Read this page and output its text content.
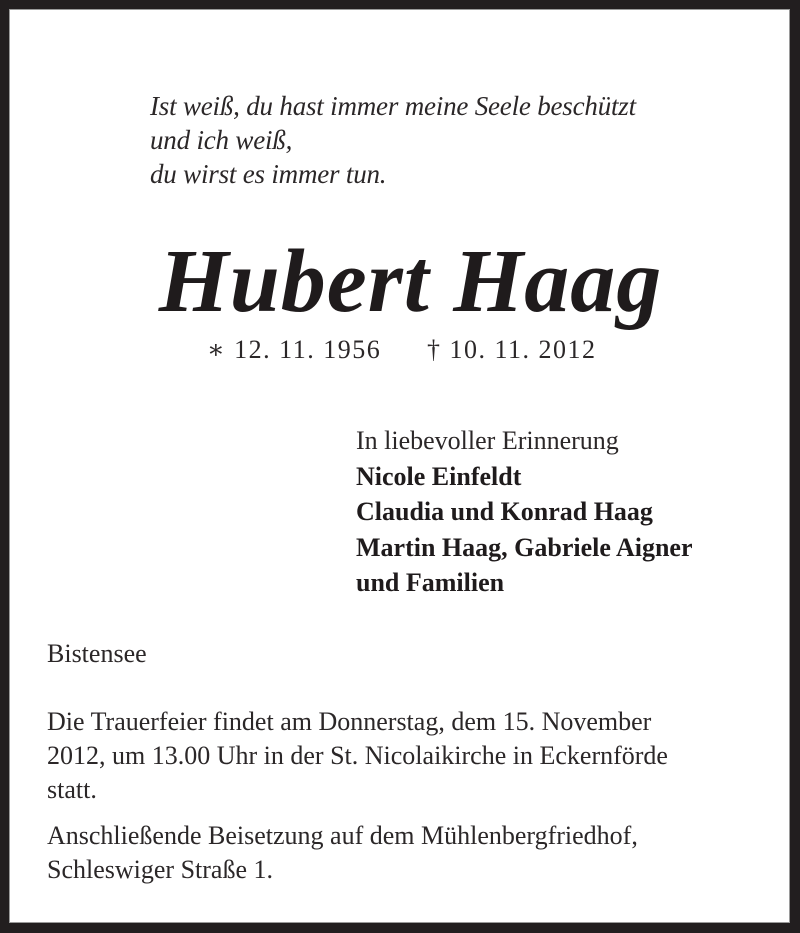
Ist weiß, du hast immer meine Seele beschützt
und ich weiß,
du wirst es immer tun.
Hubert Haag
∗ 12. 11. 1956 † 10. 11. 2012
In liebevoller Erinnerung
Nicole Einfeldt
Claudia und Konrad Haag
Martin Haag, Gabriele Aigner
und Familien
Bistensee
Die Trauerfeier findet am Donnerstag, dem 15. November
2012, um 13.00 Uhr in der St. Nicolaikirche in Eckernförde
statt.
Anschließende Beisetzung auf dem Mühlenbergfriedhof,
Schleswiger Straße 1.
